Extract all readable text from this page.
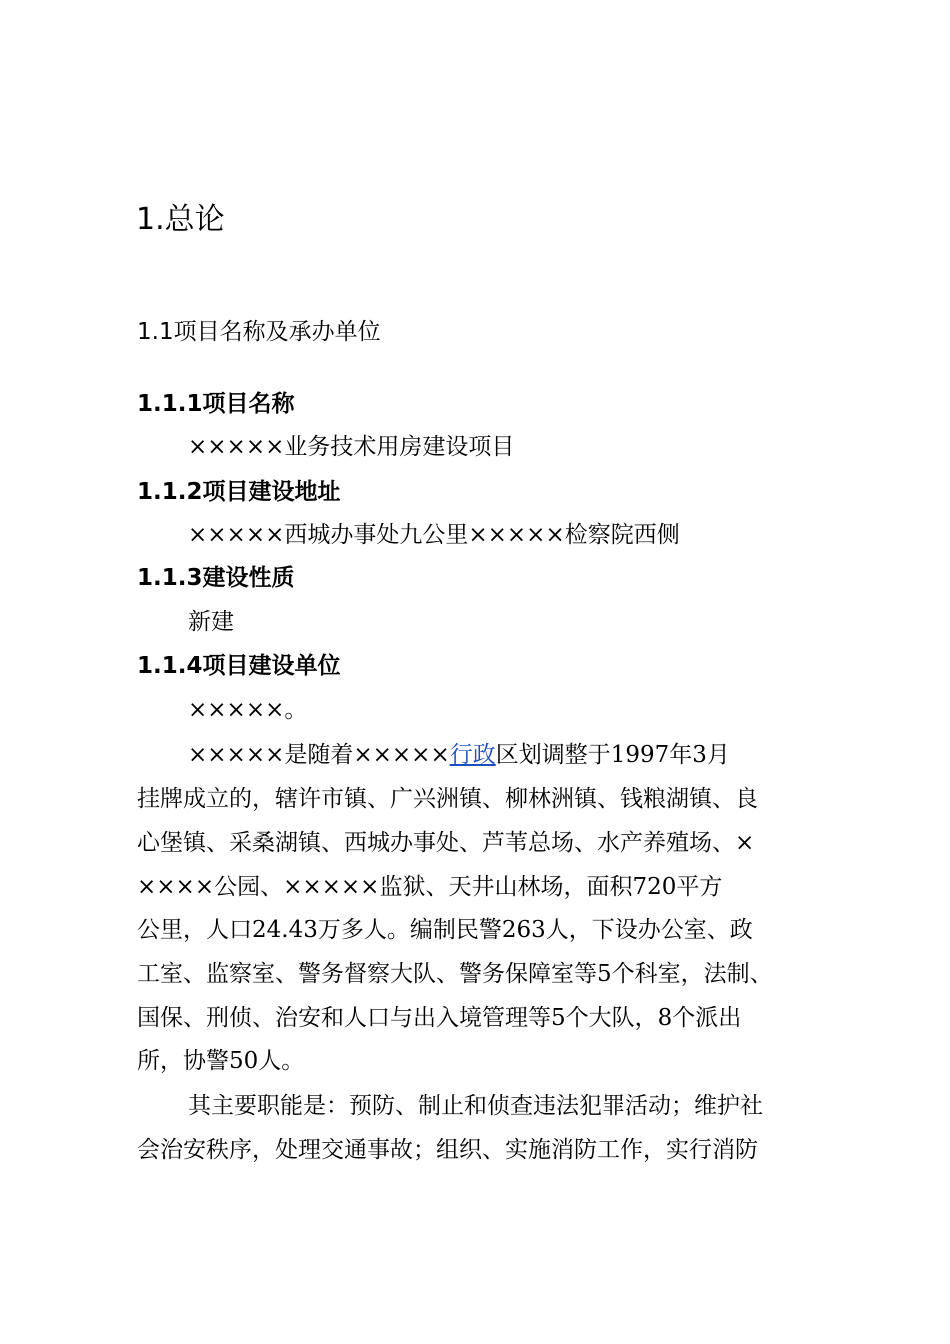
1.总论
1.1项目名称及承办单位
1.1.1项目名称

×××××业务技术用房建设项目

1.1.2项目建设地址

×××××西城办事处九公里×××××检察院西侧

1.1.3建设性质

新建

1.1.4项目建设单位

×××××。

×××××是随着×××××行政区划调整于1997年3月

挂牌成立的，辖许市镇、广兴洲镇、柳林洲镇、钱粮湖镇、良

心堡镇、采桑湖镇、西城办事处、芦苇总场、水产养殖场、×

××××公园、×××××监狱、天井山林场，面积720平方

公里，人口24.43万多人。编制民警263人，下设办公室、政

工室、监察室、警务督察大队、警务保障室等5个科室，法制、

国保、刑侦、治安和人口与出入境管理等5个大队，8个派出

所，协警50人。

其主要职能是：预防、制止和侦查违法犯罪活动；维护社

会治安秩序，处理交通事故；组织、实施消防工作，实行消防
